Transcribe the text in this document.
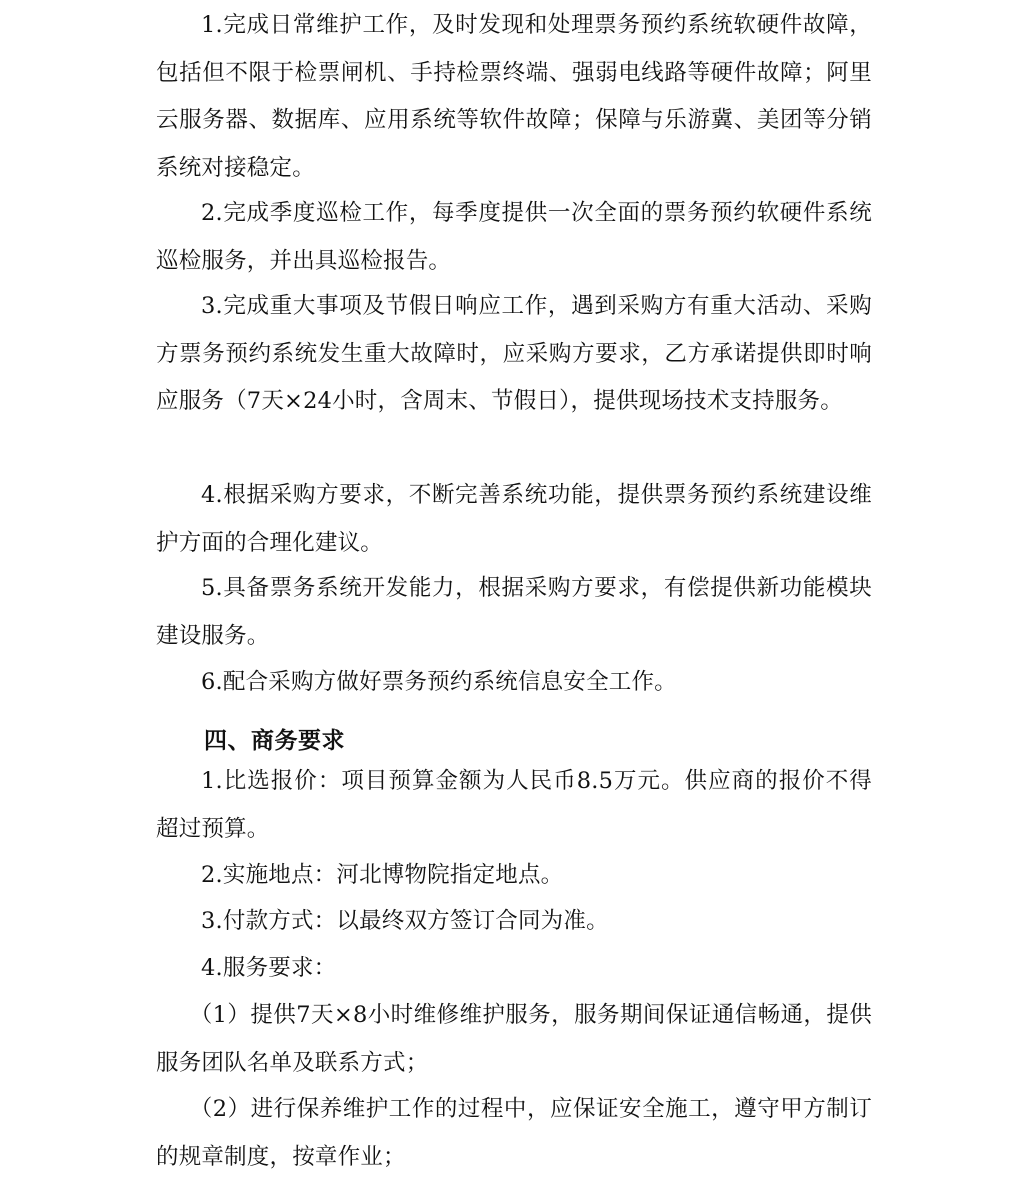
1.完成日常维护工作，及时发现和处理票务预约系统软硬件故障，包括但不限于检票闸机、手持检票终端、强弱电线路等硬件故障；阿里云服务器、数据库、应用系统等软件故障；保障与乐游冀、美团等分销系统对接稳定。

2.完成季度巡检工作，每季度提供一次全面的票务预约软硬件系统巡检服务，并出具巡检报告。

3.完成重大事项及节假日响应工作，遇到采购方有重大活动、采购方票务预约系统发生重大故障时，应采购方要求，乙方承诺提供即时响应服务（7天×24小时，含周末、节假日），提供现场技术支持服务。

4.根据采购方要求，不断完善系统功能，提供票务预约系统建设维护方面的合理化建议。

5.具备票务系统开发能力，根据采购方要求，有偿提供新功能模块建设服务。

6.配合采购方做好票务预约系统信息安全工作。

四、商务要求

1.比选报价：项目预算金额为人民币8.5万元。供应商的报价不得超过预算。

2.实施地点：河北博物院指定地点。

3.付款方式：以最终双方签订合同为准。

4.服务要求：

（1）提供7天×8小时维修维护服务，服务期间保证通信畅通，提供服务团队名单及联系方式；

（2）进行保养维护工作的过程中，应保证安全施工，遵守甲方制订的规章制度，按章作业；
